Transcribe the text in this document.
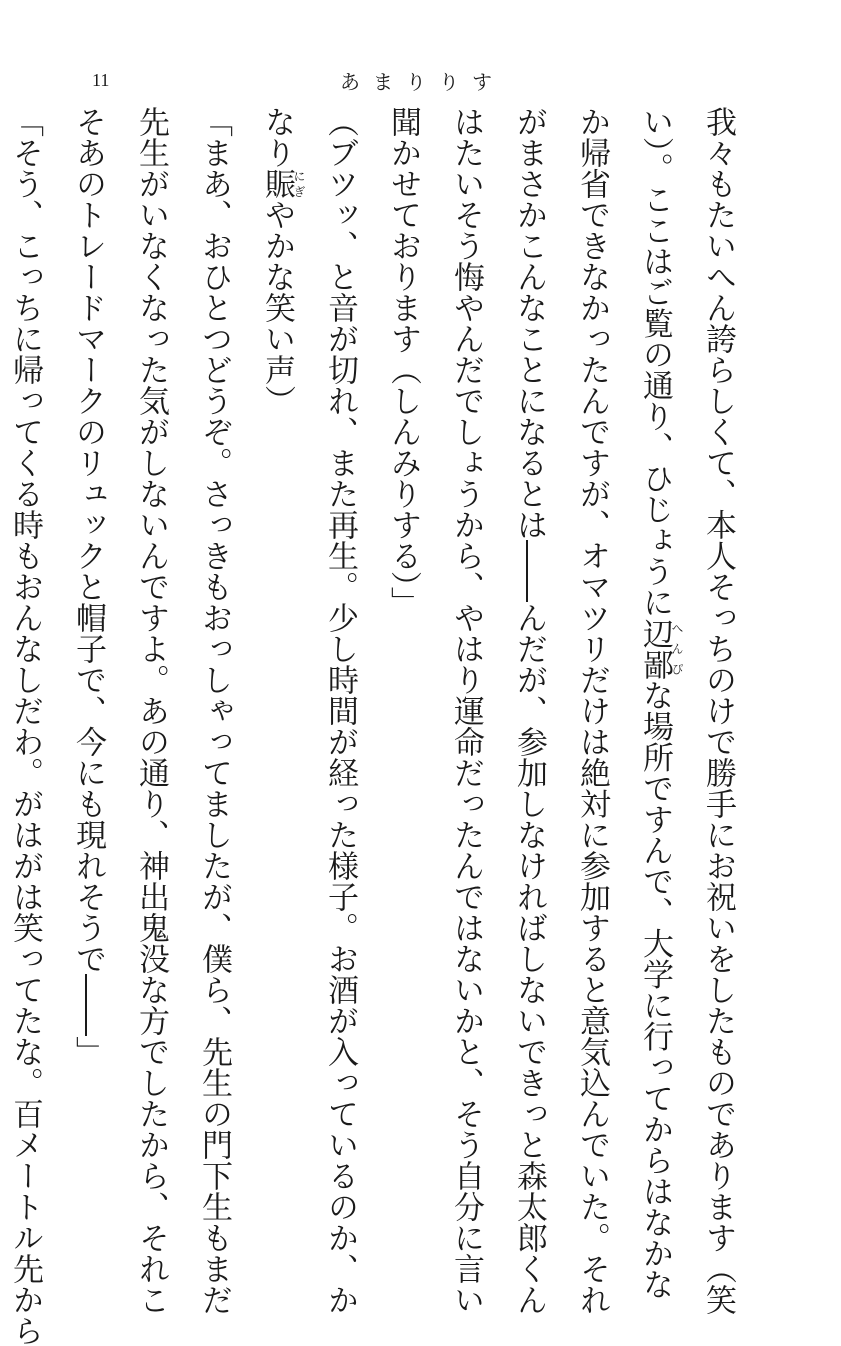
11	あまりりす
我々もたいへん誇らしくて、本人そっちのけで勝手にお祝いをしたものであります（笑
い）。ここはご覧の通り、ひじょうに辺鄙へんぴな場所ですんで、大学に行ってからはなかな
か帰省できなかったんですが、オマツリだけは絶対に参加すると意気込んでいた。それ
がまさかこんなことになるとは――んだが、参加しなければしないできっと森太郎くん
はたいそう悔やんだでしょうから、やはり運命だったんではないかと、そう自分に言い
聞かせております（しんみりする）」
（ブツッ、と音が切れ、また再生。少し時間が経った様子。お酒が入っているのか、か
なり賑にぎやかな笑い声）
「まあ、おひとつどうぞ。さっきもおっしゃってましたが、僕ら、先生の門下生もまだ
先生がいなくなった気がしないんですよ。あの通り、神出鬼没な方でしたから、それこ
そあのトレードマークのリュックと帽子で、今にも現れそうで――」
「そう、こっちに帰ってくる時もおんなしだわ。がはがは笑ってたな。百メートル先から
